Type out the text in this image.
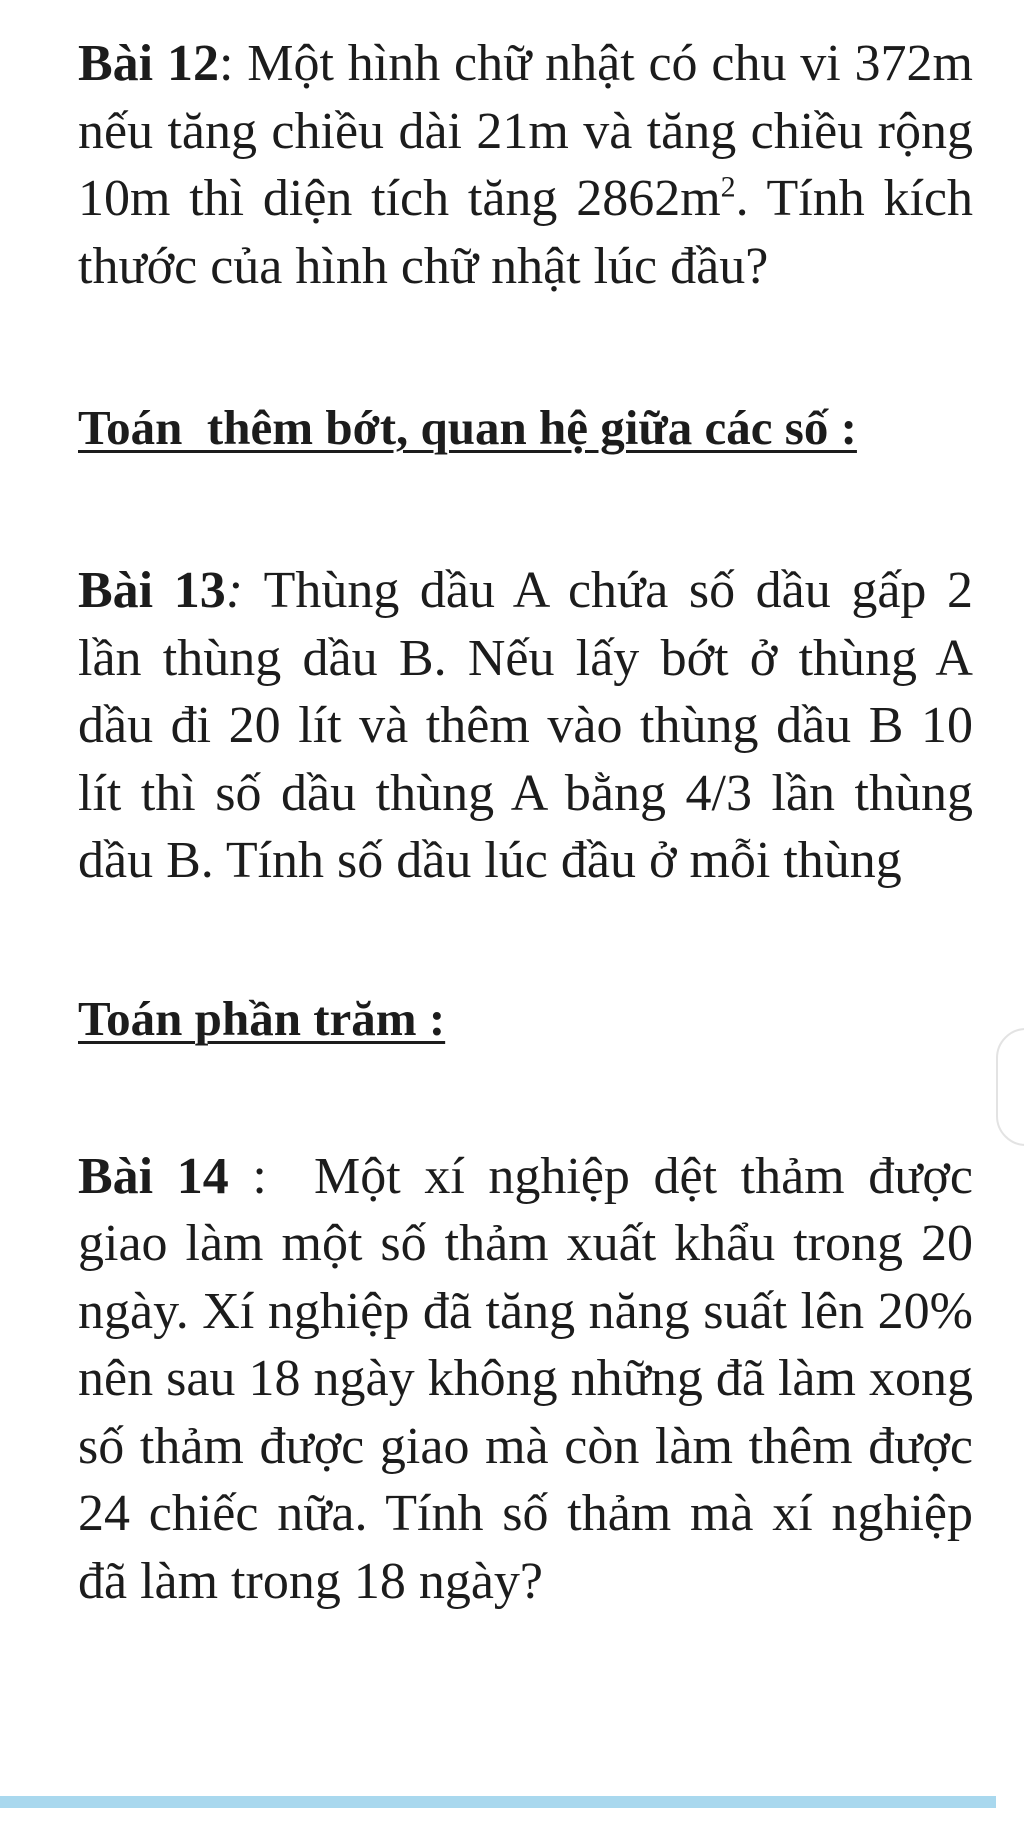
Bài 12: Một hình chữ nhật có chu vi 372m nếu tăng chiều dài 21m và tăng chiều rộng 10m thì diện tích tăng $2862m^2$. Tính kích thước của hình chữ nhật lúc đầu?

Toán  thêm bớt, quan hệ giữa các số :

Bài 13: Thùng dầu A chứa số dầu gấp 2 lần thùng dầu B. Nếu lấy bớt ở thùng A dầu đi 20 lít và thêm vào thùng dầu B 10 lít thì số dầu thùng A bằng 4/3 lần thùng dầu B. Tính số dầu lúc đầu ở mỗi thùng

Toán phần trăm :

Bài 14 :  Một xí nghiệp dệt thảm được giao làm một số thảm xuất khẩu trong 20 ngày. Xí nghiệp đã tăng năng suất lên 20% nên sau 18 ngày không những đã làm xong số thảm được giao mà còn làm thêm được 24 chiếc nữa. Tính số thảm mà xí nghiệp đã làm trong 18 ngày?
